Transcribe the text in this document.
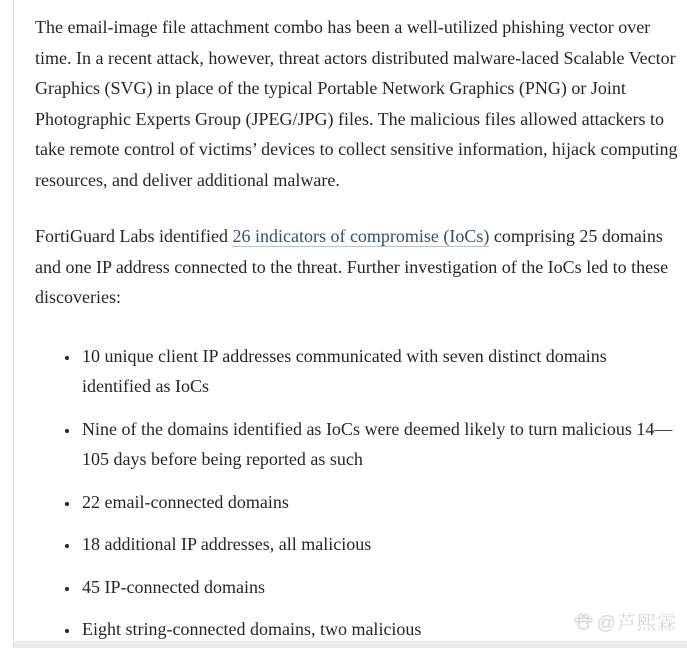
The email-image file attachment combo has been a well-utilized phishing vector over time. In a recent attack, however, threat actors distributed malware-laced Scalable Vector Graphics (SVG) in place of the typical Portable Network Graphics (PNG) or Joint Photographic Experts Group (JPEG/JPG) files. The malicious files allowed attackers to take remote control of victims’ devices to collect sensitive information, hijack computing resources, and deliver additional malware.

FortiGuard Labs identified 26 indicators of compromise (IoCs) comprising 25 domains and one IP address connected to the threat. Further investigation of the IoCs led to these discoveries:

• 10 unique client IP addresses communicated with seven distinct domains identified as IoCs
• Nine of the domains identified as IoCs were deemed likely to turn malicious 14—105 days before being reported as such
• 22 email-connected domains
• 18 additional IP addresses, all malicious
• 45 IP-connected domains
• Eight string-connected domains, two malicious	@芦熙霖
